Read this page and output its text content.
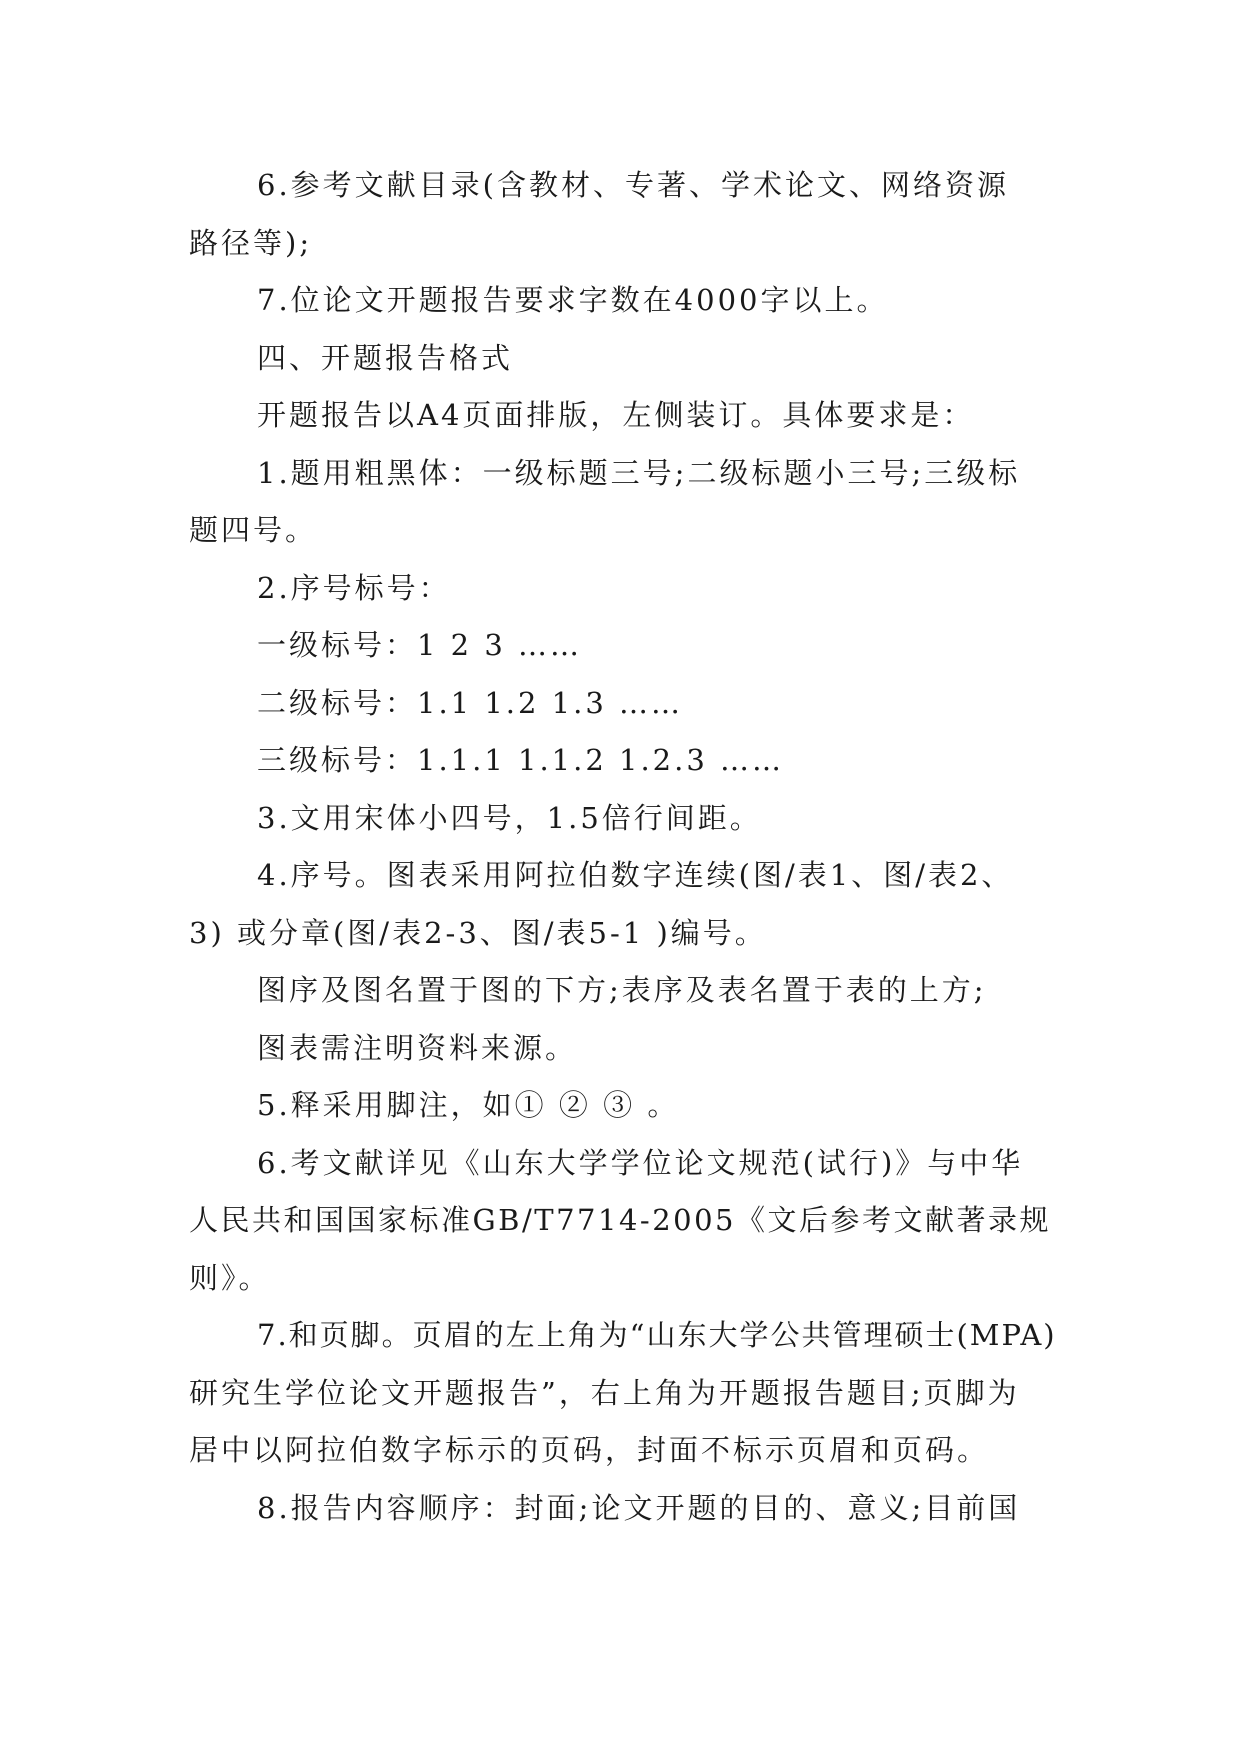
6.参考文献目录(含教材、专著、学术论文、网络资源

路径等);

7.位论文开题报告要求字数在4000字以上。

四、开题报告格式

开题报告以A4页面排版，左侧装订。具体要求是：

1.题用粗黑体：一级标题三号;二级标题小三号;三级标

题四号。

2.序号标号：

一级标号：1 2 3 ……

二级标号：1.1 1.2 1.3 ……

三级标号：1.1.1 1.1.2 1.2.3 ……

3.文用宋体小四号，1.5倍行间距。

4.序号。图表采用阿拉伯数字连续(图/表1、图/表2、

3) 或分章(图/表2-3、图/表5-1 )编号。

图序及图名置于图的下方;表序及表名置于表的上方;

图表需注明资料来源。

5.释采用脚注，如① ② ③ 。

6.考文献详见《山东大学学位论文规范(试行)》与中华

人民共和国国家标准GB/T7714-2005《文后参考文献著录规

则》。

7.和页脚。页眉的左上角为“山东大学公共管理硕士(MPA)

研究生学位论文开题报告”，右上角为开题报告题目;页脚为

居中以阿拉伯数字标示的页码，封面不标示页眉和页码。

8.报告内容顺序：封面;论文开题的目的、意义;目前国
